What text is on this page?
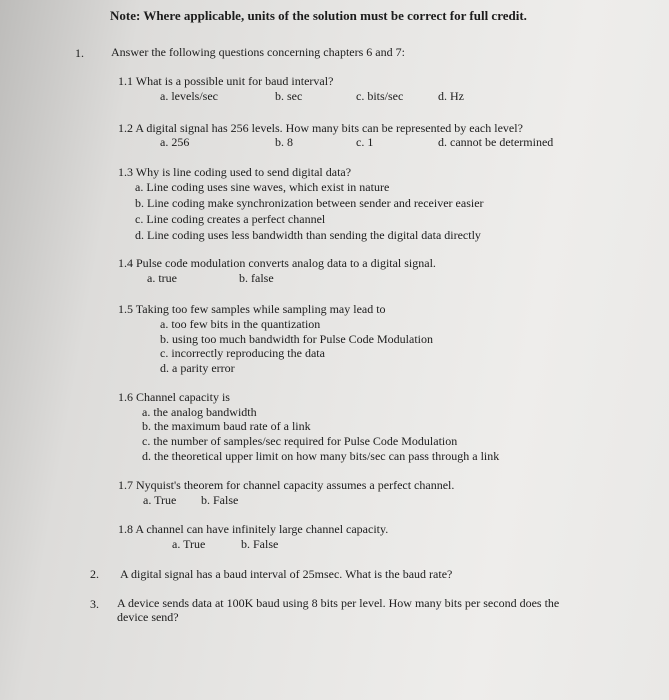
Note: Where applicable, units of the solution must be correct for full credit.
1. Answer the following questions concerning chapters 6 and 7:
1.1 What is a possible unit for baud interval?
a. levels/sec	b. sec	c. bits/sec	d. Hz
1.2 A digital signal has 256 levels. How many bits can be represented by each level?
a. 256	b. 8	c. 1	d. cannot be determined
1.3 Why is line coding used to send digital data?
a. Line coding uses sine waves, which exist in nature
b. Line coding make synchronization between sender and receiver easier
c. Line coding creates a perfect channel
d. Line coding uses less bandwidth than sending the digital data directly
1.4 Pulse code modulation converts analog data to a digital signal.
a. true	b. false
1.5 Taking too few samples while sampling may lead to
a. too few bits in the quantization
b. using too much bandwidth for Pulse Code Modulation
c. incorrectly reproducing the data
d. a parity error
1.6 Channel capacity is
a. the analog bandwidth
b. the maximum baud rate of a link
c. the number of samples/sec required for Pulse Code Modulation
d. the theoretical upper limit on how many bits/sec can pass through a link
1.7 Nyquist's theorem for channel capacity assumes a perfect channel.
a. True b. False
1.8 A channel can have infinitely large channel capacity.
a. True	b. False
2. A digital signal has a baud interval of 25msec. What is the baud rate?
3. A device sends data at 100K baud using 8 bits per level. How many bits per second does the
device send?
